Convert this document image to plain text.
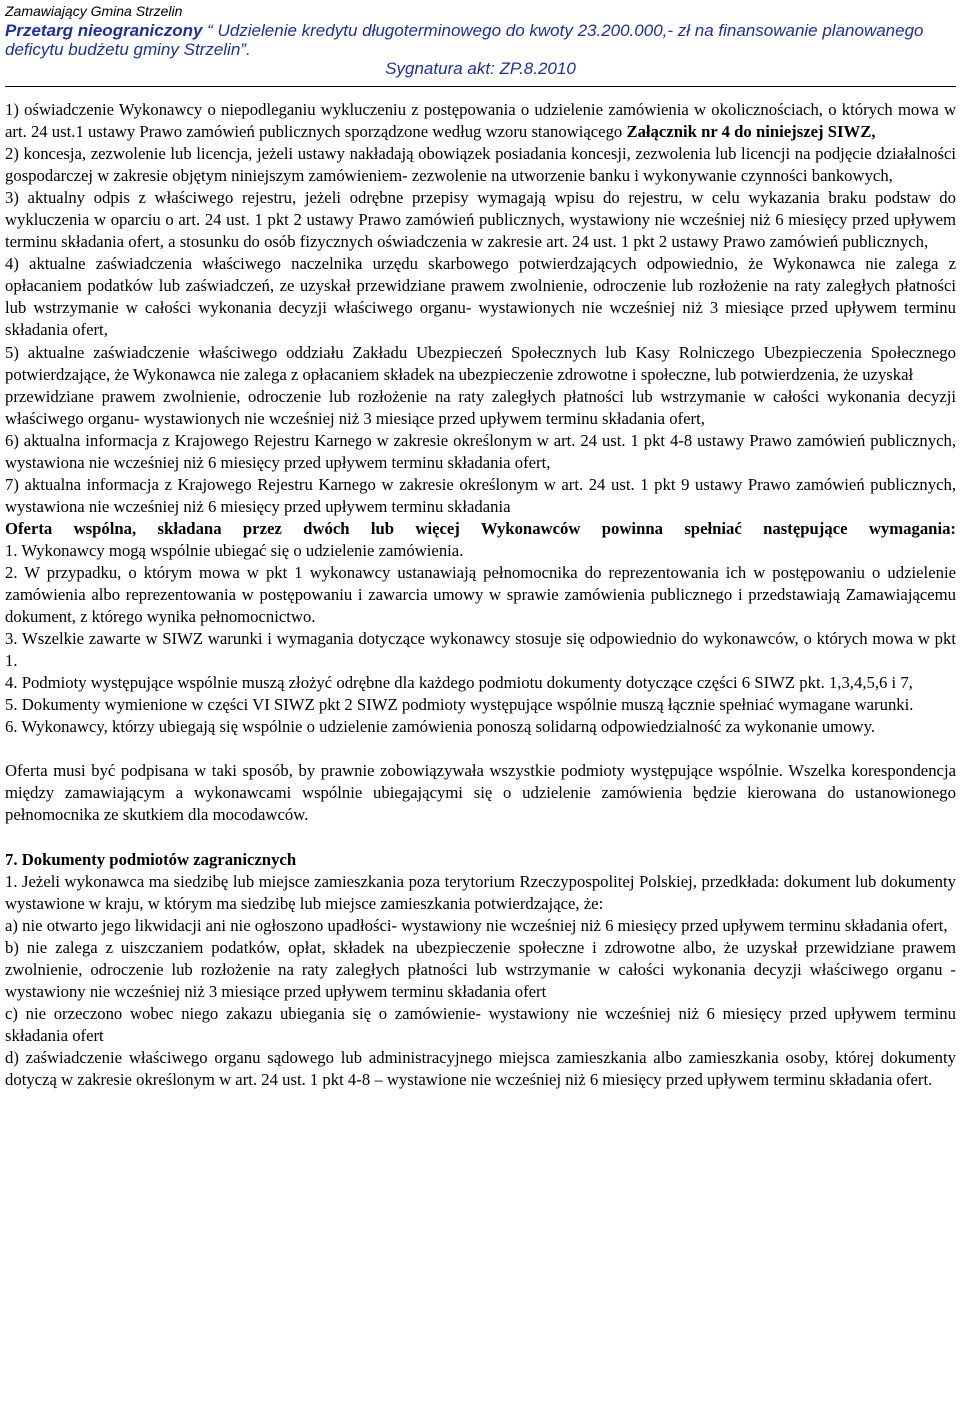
Zamawiający Gmina Strzelin
Przetarg nieograniczony “ Udzielenie kredytu długoterminowego do kwoty 23.200.000,- zł na finansowanie planowanego deficytu budżetu gminy Strzelin”.
Sygnatura akt: ZP.8.2010

1) oświadczenie Wykonawcy o niepodleganiu wykluczeniu z postępowania o udzielenie zamówienia w okolicznościach, o których mowa w art. 24 ust.1 ustawy Prawo zamówień publicznych sporządzone według wzoru stanowiącego Załącznik nr 4 do niniejszej SIWZ,

2) koncesja, zezwolenie lub licencja, jeżeli ustawy nakładają obowiązek posiadania koncesji, zezwolenia lub licencji na podjęcie działalności gospodarczej w zakresie objętym niniejszym zamówieniem- zezwolenie na utworzenie banku i wykonywanie czynności bankowych,

3) aktualny odpis z właściwego rejestru, jeżeli odrębne przepisy wymagają wpisu do rejestru, w celu wykazania braku podstaw do wykluczenia w oparciu o art. 24 ust. 1 pkt 2 ustawy Prawo zamówień publicznych, wystawiony nie wcześniej niż 6 miesięcy przed upływem terminu składania ofert, a stosunku do osób fizycznych oświadczenia w zakresie art. 24 ust. 1 pkt 2 ustawy Prawo zamówień publicznych,

4) aktualne zaświadczenia właściwego naczelnika urzędu skarbowego potwierdzających odpowiednio, że Wykonawca nie zalega z opłacaniem podatków lub zaświadczeń, ze uzyskał przewidziane prawem zwolnienie, odroczenie lub rozłożenie na raty zaległych płatności lub wstrzymanie w całości wykonania decyzji właściwego organu- wystawionych nie wcześniej niż 3 miesiące przed upływem terminu składania ofert,

5) aktualne zaświadczenie właściwego oddziału Zakładu Ubezpieczeń Społecznych lub Kasy Rolniczego Ubezpieczenia Społecznego potwierdzające, że Wykonawca nie zalega z opłacaniem składek na ubezpieczenie zdrowotne i społeczne, lub potwierdzenia, że uzyskał

przewidziane prawem zwolnienie, odroczenie lub rozłożenie na raty zaległych płatności lub wstrzymanie w całości wykonania decyzji właściwego organu- wystawionych nie wcześniej niż 3 miesiące przed upływem terminu składania ofert,

6) aktualna informacja z Krajowego Rejestru Karnego w zakresie określonym w art. 24 ust. 1 pkt 4-8 ustawy Prawo zamówień publicznych, wystawiona nie wcześniej niż 6 miesięcy przed upływem terminu składania ofert,

7) aktualna informacja z Krajowego Rejestru Karnego w zakresie określonym w art. 24 ust. 1 pkt 9 ustawy Prawo zamówień publicznych, wystawiona nie wcześniej niż 6 miesięcy przed upływem terminu składania

Oferta wspólna, składana przez dwóch lub więcej Wykonawców powinna spełniać następujące wymagania:

1. Wykonawcy mogą wspólnie ubiegać się o udzielenie zamówienia.

2. W przypadku, o którym mowa w pkt 1 wykonawcy ustanawiają pełnomocnika do reprezentowania ich w postępowaniu o udzielenie zamówienia albo reprezentowania w postępowaniu i zawarcia umowy w sprawie zamówienia publicznego i przedstawiają Zamawiającemu dokument, z którego wynika pełnomocnictwo.

3. Wszelkie zawarte w SIWZ warunki i wymagania dotyczące wykonawcy stosuje się odpowiednio do wykonawców, o których mowa w pkt 1.

4. Podmioty występujące wspólnie muszą złożyć odrębne dla każdego podmiotu dokumenty dotyczące części 6 SIWZ pkt. 1,3,4,5,6 i 7,

5. Dokumenty wymienione w części VI SIWZ pkt 2 SIWZ podmioty występujące wspólnie muszą łącznie spełniać wymagane warunki.

6. Wykonawcy, którzy ubiegają się wspólnie o udzielenie zamówienia ponoszą solidarną odpowiedzialność za wykonanie umowy.

Oferta musi być podpisana w taki sposób, by prawnie zobowiązywała wszystkie podmioty występujące wspólnie. Wszelka korespondencja między zamawiającym a wykonawcami wspólnie ubiegającymi się o udzielenie zamówienia będzie kierowana do ustanowionego pełnomocnika ze skutkiem dla mocodawców.

7. Dokumenty podmiotów zagranicznych

1. Jeżeli wykonawca ma siedzibę lub miejsce zamieszkania poza terytorium Rzeczypospolitej Polskiej, przedkłada: dokument lub dokumenty wystawione w kraju, w którym ma siedzibę lub miejsce zamieszkania potwierdzające, że:

a) nie otwarto jego likwidacji ani nie ogłoszono upadłości- wystawiony nie wcześniej niż 6 miesięcy przed upływem terminu składania ofert,

b) nie zalega z uiszczaniem podatków, opłat, składek na ubezpieczenie społeczne i zdrowotne albo, że uzyskał przewidziane prawem zwolnienie, odroczenie lub rozłożenie na raty zaległych płatności lub wstrzymanie w całości wykonania decyzji właściwego organu - wystawiony nie wcześniej niż 3 miesiące przed upływem terminu składania ofert

c) nie orzeczono wobec niego zakazu ubiegania się o zamówienie- wystawiony nie wcześniej niż 6 miesięcy przed upływem terminu składania ofert

d) zaświadczenie właściwego organu sądowego lub administracyjnego miejsca zamieszkania albo zamieszkania osoby, której dokumenty dotyczą w zakresie określonym w art. 24 ust. 1 pkt 4-8 – wystawione nie wcześniej niż 6 miesięcy przed upływem terminu składania ofert.
